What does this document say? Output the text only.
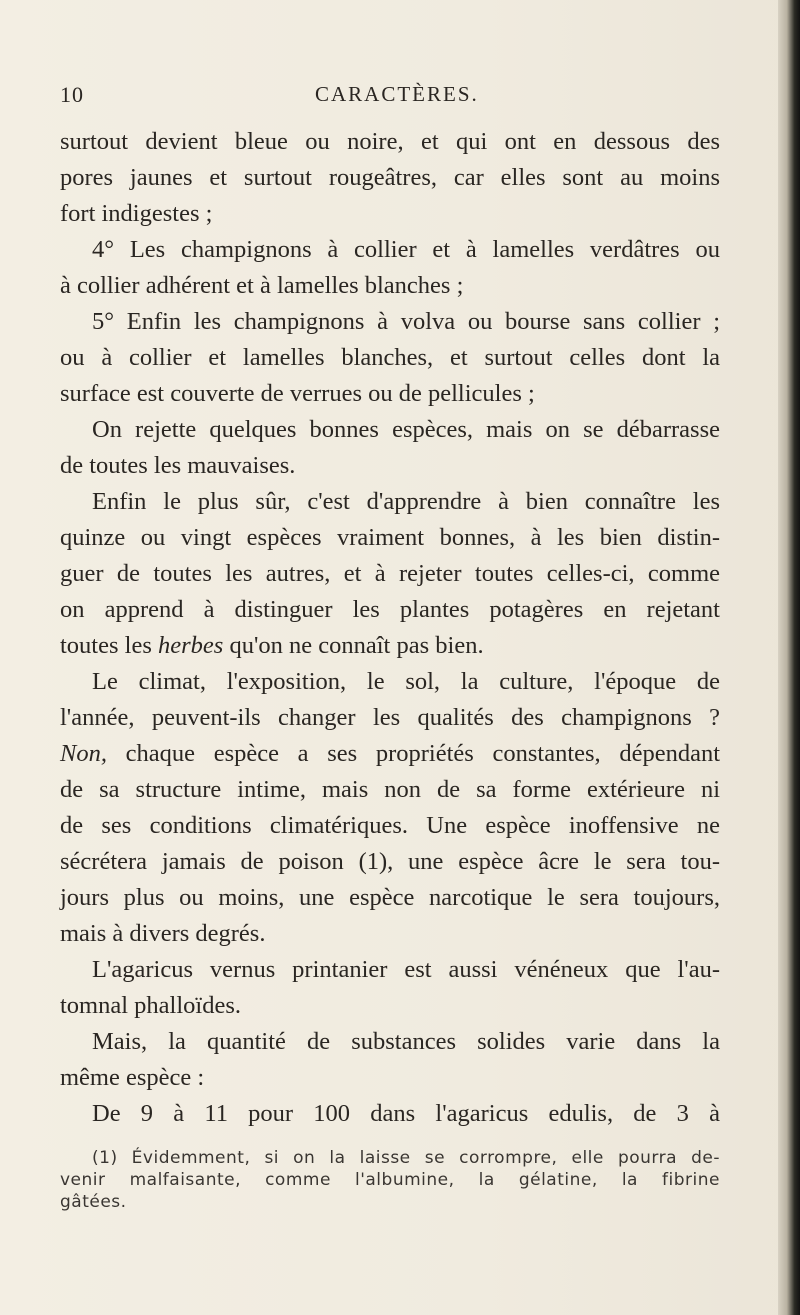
10	CARACTÈRES.
surtout devient bleue ou noire, et qui ont en dessous des
pores jaunes et surtout rougeâtres, car elles sont au moins
fort indigestes ;
4° Les champignons à collier et à lamelles verdâtres ou
à collier adhérent et à lamelles blanches ;
5° Enfin les champignons à volva ou bourse sans collier ;
ou à collier et lamelles blanches, et surtout celles dont la
surface est couverte de verrues ou de pellicules ;
On rejette quelques bonnes espèces, mais on se débarrasse
de toutes les mauvaises.
Enfin le plus sûr, c'est d'apprendre à bien connaître les
quinze ou vingt espèces vraiment bonnes, à les bien distin-
guer de toutes les autres, et à rejeter toutes celles-ci, comme
on apprend à distinguer les plantes potagères en rejetant
toutes les herbes qu'on ne connaît pas bien.
Le climat, l'exposition, le sol, la culture, l'époque de
l'année, peuvent-ils changer les qualités des champignons ?
Non, chaque espèce a ses propriétés constantes, dépendant
de sa structure intime, mais non de sa forme extérieure ni
de ses conditions climatériques. Une espèce inoffensive ne
sécrétera jamais de poison (1), une espèce âcre le sera tou-
jours plus ou moins, une espèce narcotique le sera toujours,
mais à divers degrés.
L'agaricus vernus printanier est aussi vénéneux que l'au-
tomnal phalloïdes.
Mais, la quantité de substances solides varie dans la
même espèce :
De 9 à 11 pour 100 dans l'agaricus edulis, de 3 à
(1) Évidemment, si on la laisse se corrompre, elle pourra de-
venir malfaisante, comme l'albumine, la gélatine, la fibrine
gâtées.
